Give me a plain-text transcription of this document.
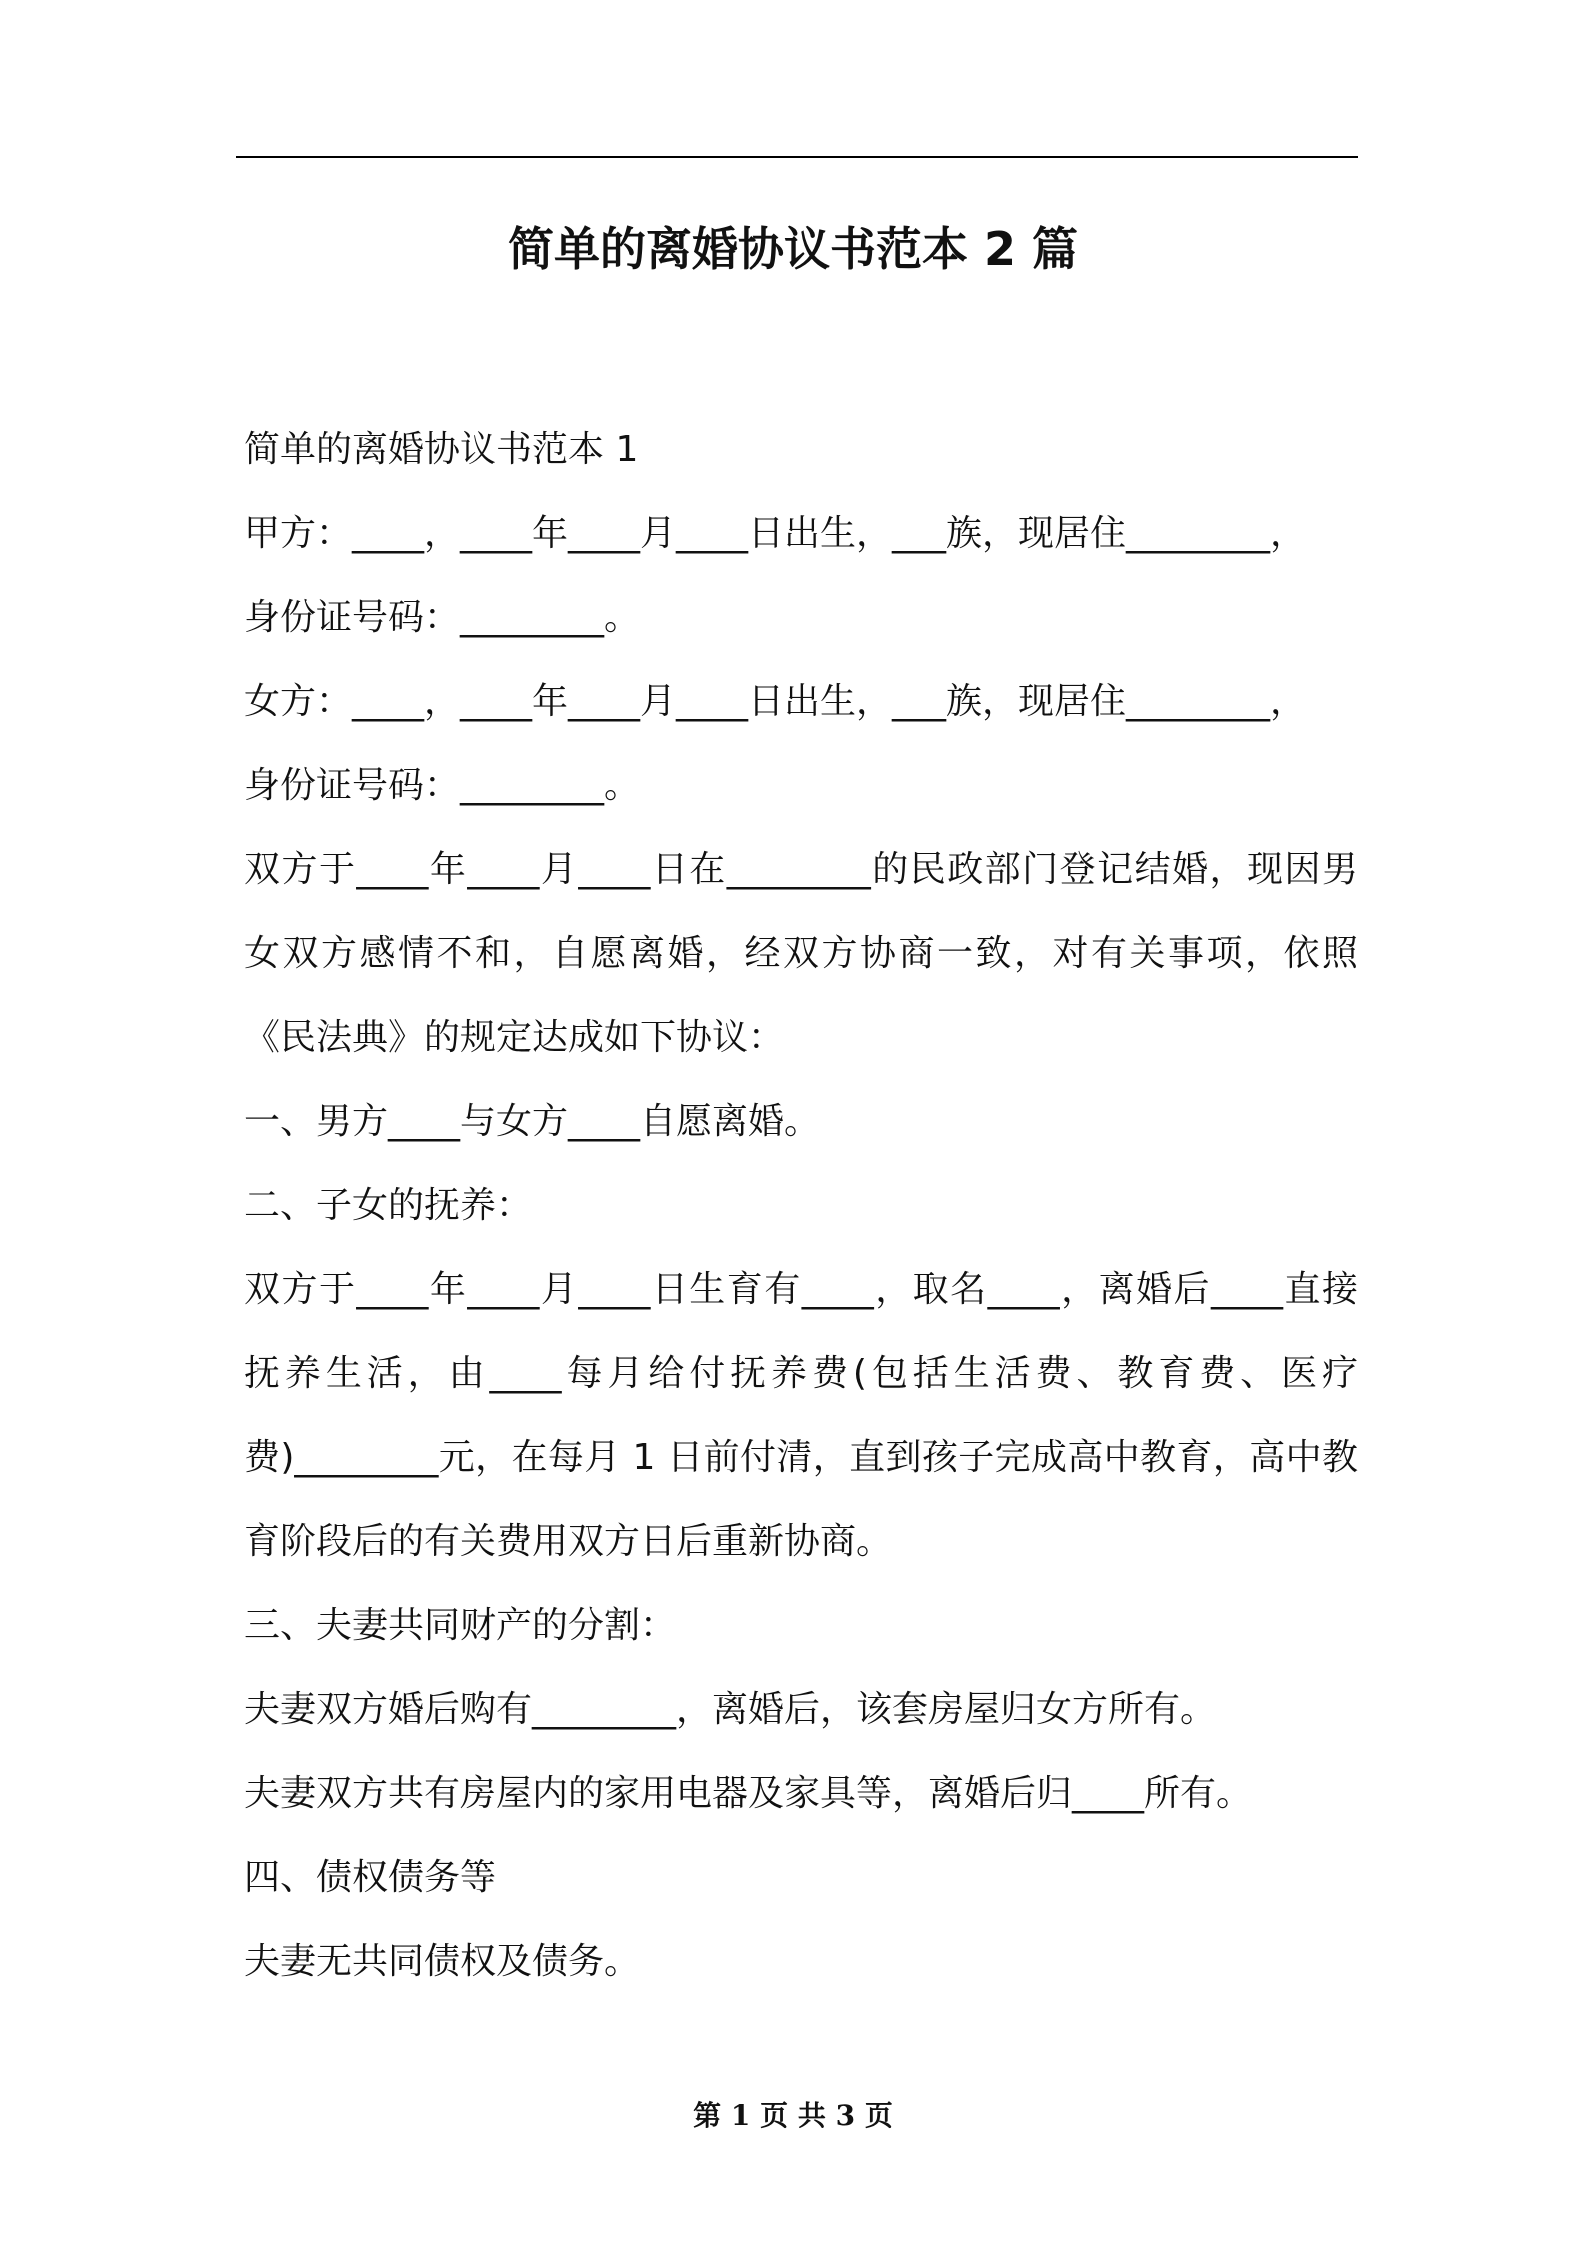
简单的离婚协议书范本 2 篇

简单的离婚协议书范本 1

甲方：____，____年____月____日出生，___族，现居住________，

身份证号码：________。

女方：____，____年____月____日出生，___族，现居住________，

身份证号码：________。

双方于____年____月____日在________的民政部门登记结婚，现因男女双方感情不和，自愿离婚，经双方协商一致，对有关事项，依照《民法典》的规定达成如下协议：

一、男方____与女方____自愿离婚。

二、子女的抚养：

双方于____年____月____日生育有____，取名____，离婚后____直接抚养生活，由____每月给付抚养费(包括生活费、教育费、医疗费)________元，在每月 1 日前付清，直到孩子完成高中教育，高中教育阶段后的有关费用双方日后重新协商。

三、夫妻共同财产的分割：

夫妻双方婚后购有________，离婚后，该套房屋归女方所有。

夫妻双方共有房屋内的家用电器及家具等，离婚后归____所有。

四、债权债务等

夫妻无共同债权及债务。

第 1 页 共 3 页
